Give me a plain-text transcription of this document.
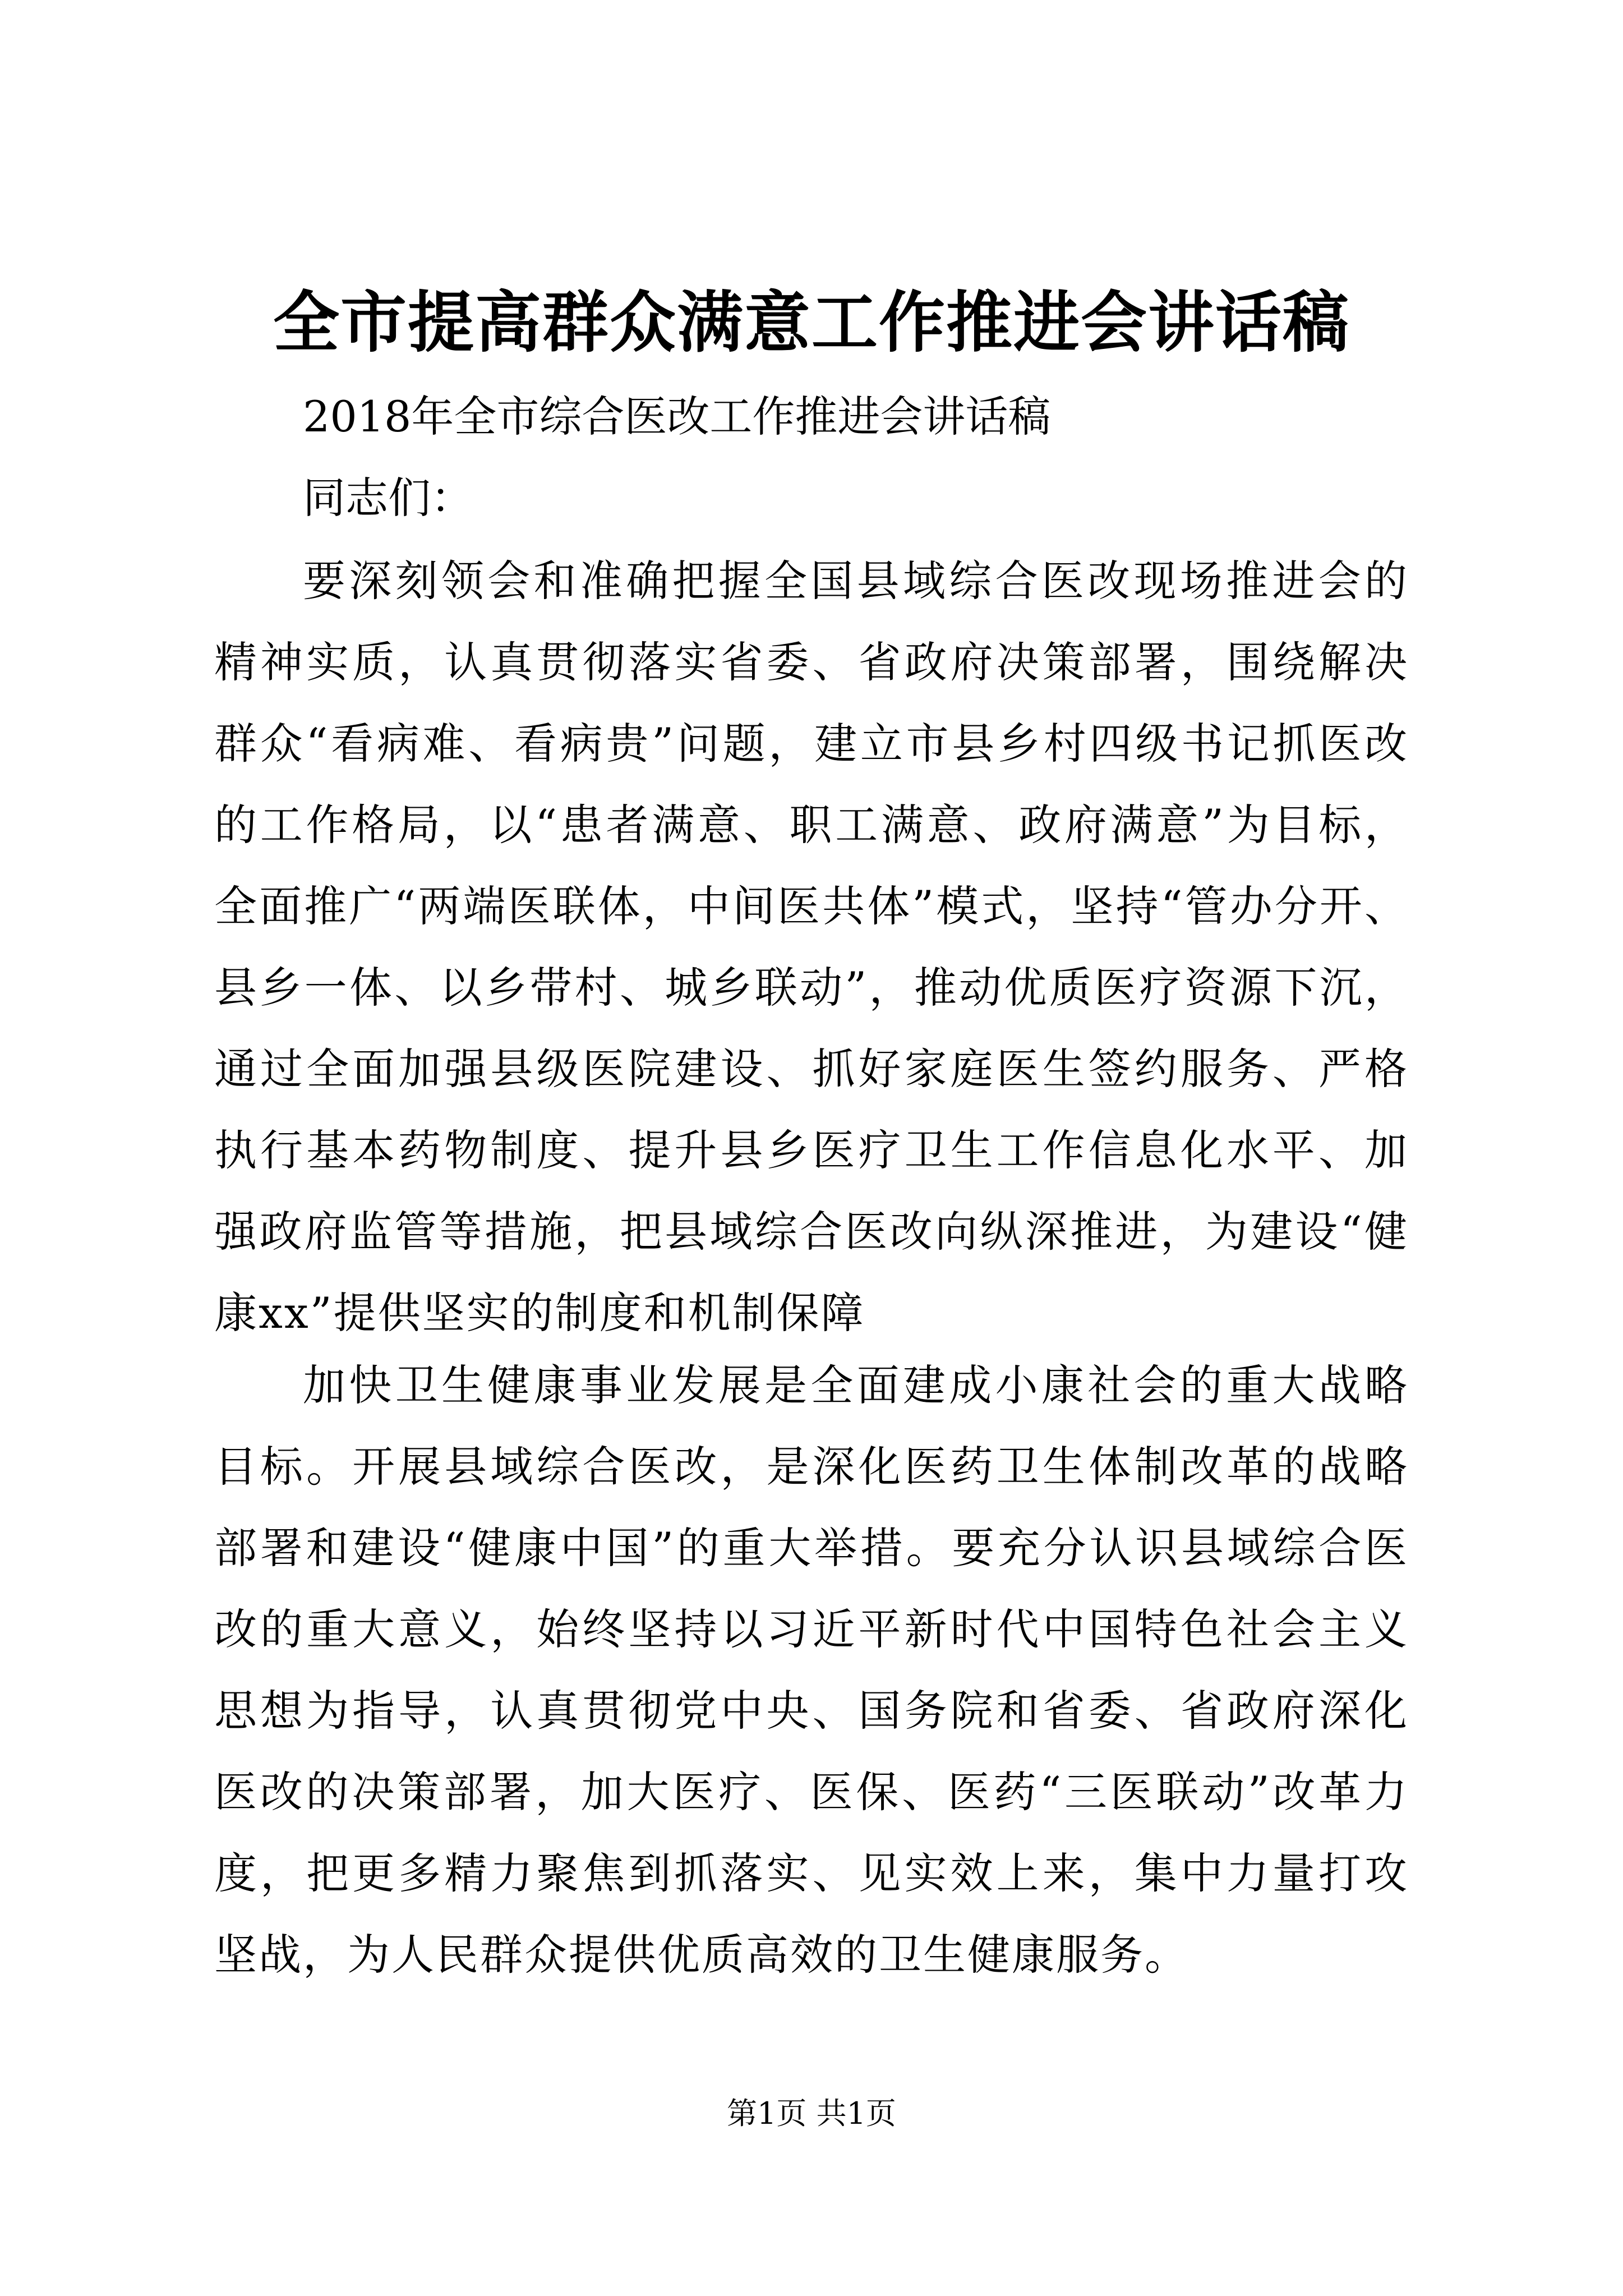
全市提高群众满意工作推进会讲话稿

2018年全市综合医改工作推进会讲话稿

同志们：

要深刻领会和准确把握全国县域综合医改现场推进会的精神实质，认真贯彻落实省委、省政府决策部署，围绕解决群众“看病难、看病贵”问题，建立市县乡村四级书记抓医改的工作格局，以“患者满意、职工满意、政府满意”为目标，全面推广“两端医联体，中间医共体”模式，坚持“管办分开、县乡一体、以乡带村、城乡联动”，推动优质医疗资源下沉，通过全面加强县级医院建设、抓好家庭医生签约服务、严格执行基本药物制度、提升县乡医疗卫生工作信息化水平、加强政府监管等措施，把县域综合医改向纵深推进，为建设“健康xx”提供坚实的制度和机制保障

加快卫生健康事业发展是全面建成小康社会的重大战略目标。开展县域综合医改，是深化医药卫生体制改革的战略部署和建设“健康中国”的重大举措。要充分认识县域综合医改的重大意义，始终坚持以习近平新时代中国特色社会主义思想为指导，认真贯彻党中央、国务院和省委、省政府深化医改的决策部署，加大医疗、医保、医药“三医联动”改革力度，把更多精力聚焦到抓落实、见实效上来，集中力量打攻坚战，为人民群众提供优质高效的卫生健康服务。

第1页 共1页
